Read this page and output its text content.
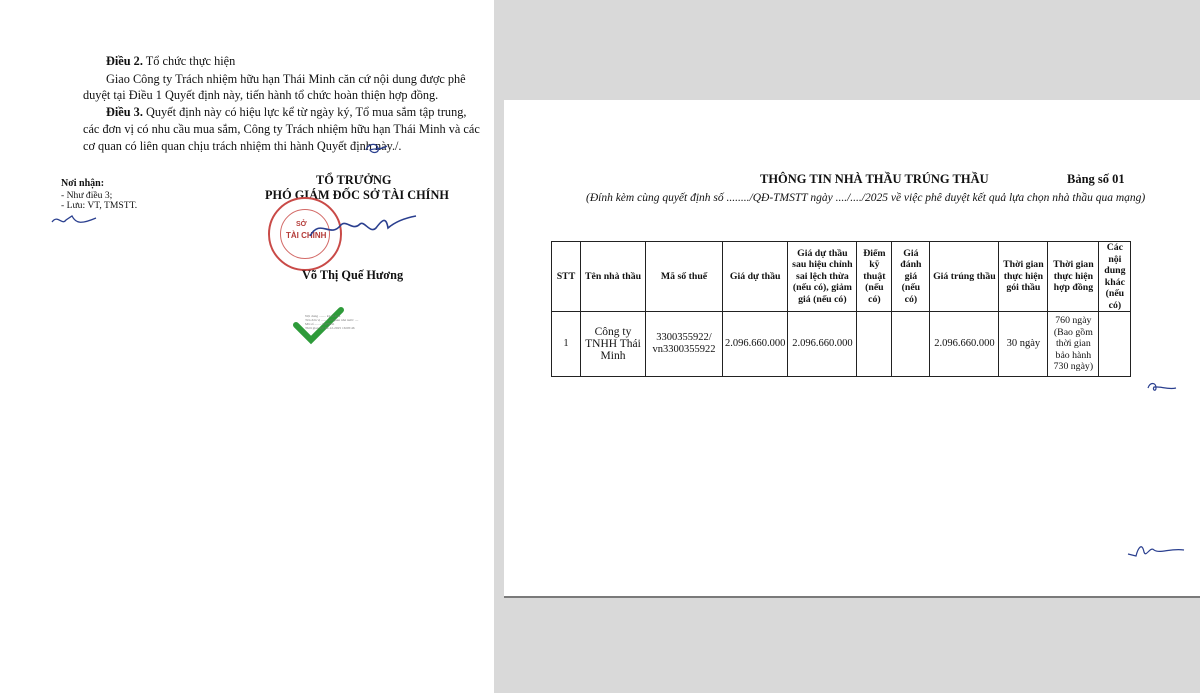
Điều 2. Tổ chức thực hiện
Giao Công ty Trách nhiệm hữu hạn Thái Minh căn cứ nội dung được phê
duyệt tại Điều 1 Quyết định này, tiến hành tổ chức hoàn thiện hợp đồng.
Điều 3. Quyết định này có hiệu lực kể từ ngày ký, Tổ mua sắm tập trung,
các đơn vị có nhu cầu mua sắm, Công ty Trách nhiệm hữu hạn Thái Minh và các
cơ quan có liên quan chịu trách nhiệm thi hành Quyết định này./.
Nơi nhận:
- Như điều 3;
- Lưu: VT, TMSTT.
TỔ TRƯỞNG
PHÓ GIÁM ĐỐC SỞ TÀI CHÍNH
SỞ
TÀI CHÍNH
Võ Thị Quế Hương
Nội dung ........ ký số hóa
Tên đơn vị ........ cơ quan nhà nước ....
Mã số ........ 0575841
Thời gian ký: 09-12-2025 16:08:46
THÔNG TIN NHÀ THẦU TRÚNG THẦU	Bảng số 01
(Đính kèm cùng quyết định số ......../QĐ-TMSTT ngày ..../..../2025 về việc phê duyệt kết quả lựa chọn nhà thầu qua mạng)
STT	Tên nhà thầu	Mã số thuế	Giá dự thầu	Giá dự thầu sau hiệu chỉnh sai lệch thừa (nếu có), giảm giá (nếu có)	Điểm kỹ thuật (nếu có)	Giá đánh giá (nếu có)	Giá trúng thầu	Thời gian thực hiện gói thầu	Thời gian thực hiện hợp đồng	Các nội dung khác (nếu có)
1	Công ty TNHH Thái Minh	3300355922/ vn3300355922	2.096.660.000	2.096.660.000			2.096.660.000	30 ngày	760 ngày (Bao gồm thời gian bảo hành 730 ngày)	
